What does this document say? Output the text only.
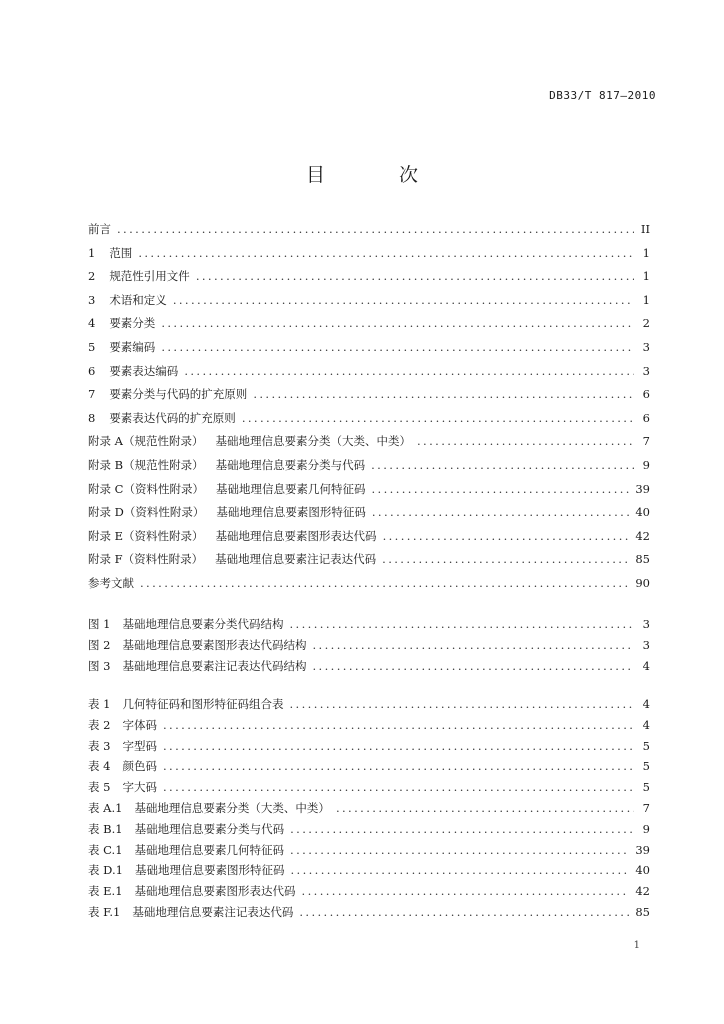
DB33/T 817—2010
目 次
前言 .....	II
1 范围 .....	1
2 规范性引用文件 .....	1
3 术语和定义 .....	1
4 要素分类 .....	2
5 要素编码 .....	3
6 要素表达编码 .....	3
7 要素分类与代码的扩充原则 .....	6
8 要素表达代码的扩充原则 .....	6
附录 A（规范性附录） 基础地理信息要素分类（大类、中类） .....	7
附录 B（规范性附录） 基础地理信息要素分类与代码 .....	9
附录 C（资料性附录） 基础地理信息要素几何特征码 .....	39
附录 D（资料性附录） 基础地理信息要素图形特征码 .....	40
附录 E（资料性附录） 基础地理信息要素图形表达代码 .....	42
附录 F（资料性附录） 基础地理信息要素注记表达代码 .....	85
参考文献 .....	90
图 1 基础地理信息要素分类代码结构 .....	3
图 2 基础地理信息要素图形表达代码结构 .....	3
图 3 基础地理信息要素注记表达代码结构 .....	4
表 1 几何特征码和图形特征码组合表 .....	4
表 2 字体码 .....	4
表 3 字型码 .....	5
表 4 颜色码 .....	5
表 5 字大码 .....	5
表 A.1 基础地理信息要素分类（大类、中类） .....	7
表 B.1 基础地理信息要素分类与代码 .....	9
表 C.1 基础地理信息要素几何特征码 .....	39
表 D.1 基础地理信息要素图形特征码 .....	40
表 E.1 基础地理信息要素图形表达代码 .....	42
表 F.1 基础地理信息要素注记表达代码 .....	85
1
